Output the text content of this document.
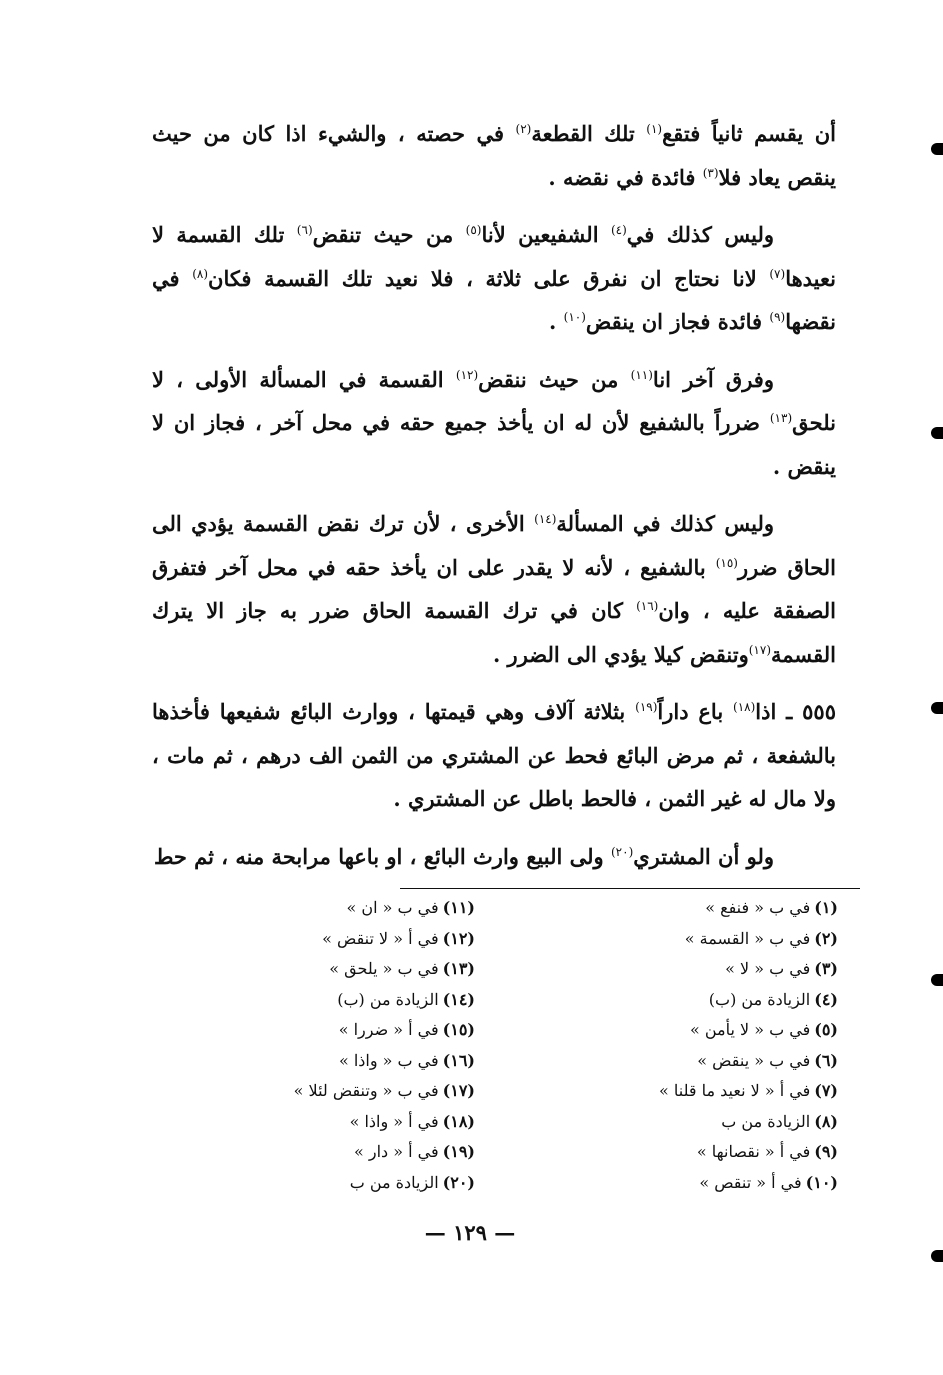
أن يقسم ثانياً فتقع$^{(١)}$ تلك القطعة$^{(٢)}$ في حصته ، والشيء اذا كان من حيث ينقص يعاد فلا$^{(٣)}$ فائدة في نقضه .

وليس كذلك في$^{(٤)}$ الشفيعين لأنا$^{(٥)}$ من حيث تنقض$^{(٦)}$ تلك القسمة لا نعيدها$^{(٧)}$ لانا نحتاج ان نفرق على ثلاثة ، فلا نعيد تلك القسمة فكان$^{(٨)}$ في نقضها$^{(٩)}$ فائدة فجاز ان ينقض$^{(١٠)}$ .

وفرق آخر انا$^{(١١)}$ من حيث ننقض$^{(١٢)}$ القسمة في المسألة الأولى ، لا نلحق$^{(١٣)}$ ضرراً بالشفيع لأن له ان يأخذ جميع حقه في محل آخر ، فجاز ان لا ينقض .

وليس كذلك في المسألة$^{(١٤)}$ الأخرى ، لأن ترك نقض القسمة يؤدي الى الحاق ضرر$^{(١٥)}$ بالشفيع ، لأنه لا يقدر على ان يأخذ حقه في محل آخر فتفرق الصفقة عليه ، وان$^{(١٦)}$ كان في ترك القسمة الحاق ضرر به جاز الا يترك القسمة$^{(١٧)}$وتنقض كيلا يؤدي الى الضرر .

٥٥٥ ـ اذا$^{(١٨)}$ باع داراً$^{(١٩)}$ بثلاثة آلاف وهي قيمتها ، ووارث البائع شفيعها فأخذها بالشفعة ، ثم مرض البائع فحط عن المشتري من الثمن الف درهم ، ثم مات ، ولا مال له غير الثمن ، فالحط باطل عن المشتري .

ولو أن المشتري$^{(٢٠)}$ ولى البيع وارث البائع ، او باعها مرابحة منه ، ثم حط

(١)في ب « فنفع »
(٢)في ب « القسمة »
(٣)في ب « لا »
(٤)الزيادة من (ب)
(٥)في ب « لا يأمن »
(٦)في ب « ينقض »
(٧)في أ « لا نعيد ما قلنا »
(٨)الزيادة من ب
(٩)في أ « نقصانها »
(١٠)في أ « تنقص »
(١١)في ب « ان »
(١٢)في أ « لا تنقض »
(١٣)في ب « يلحق »
(١٤)الزيادة من (ب)
(١٥)في أ « ضررا »
(١٦)في ب « واذا »
(١٧)في ب « وتنقض لئلا »
(١٨)في أ « واذا »
(١٩)في أ « دار »
(٢٠)الزيادة من ب
— ١٢٩ —
